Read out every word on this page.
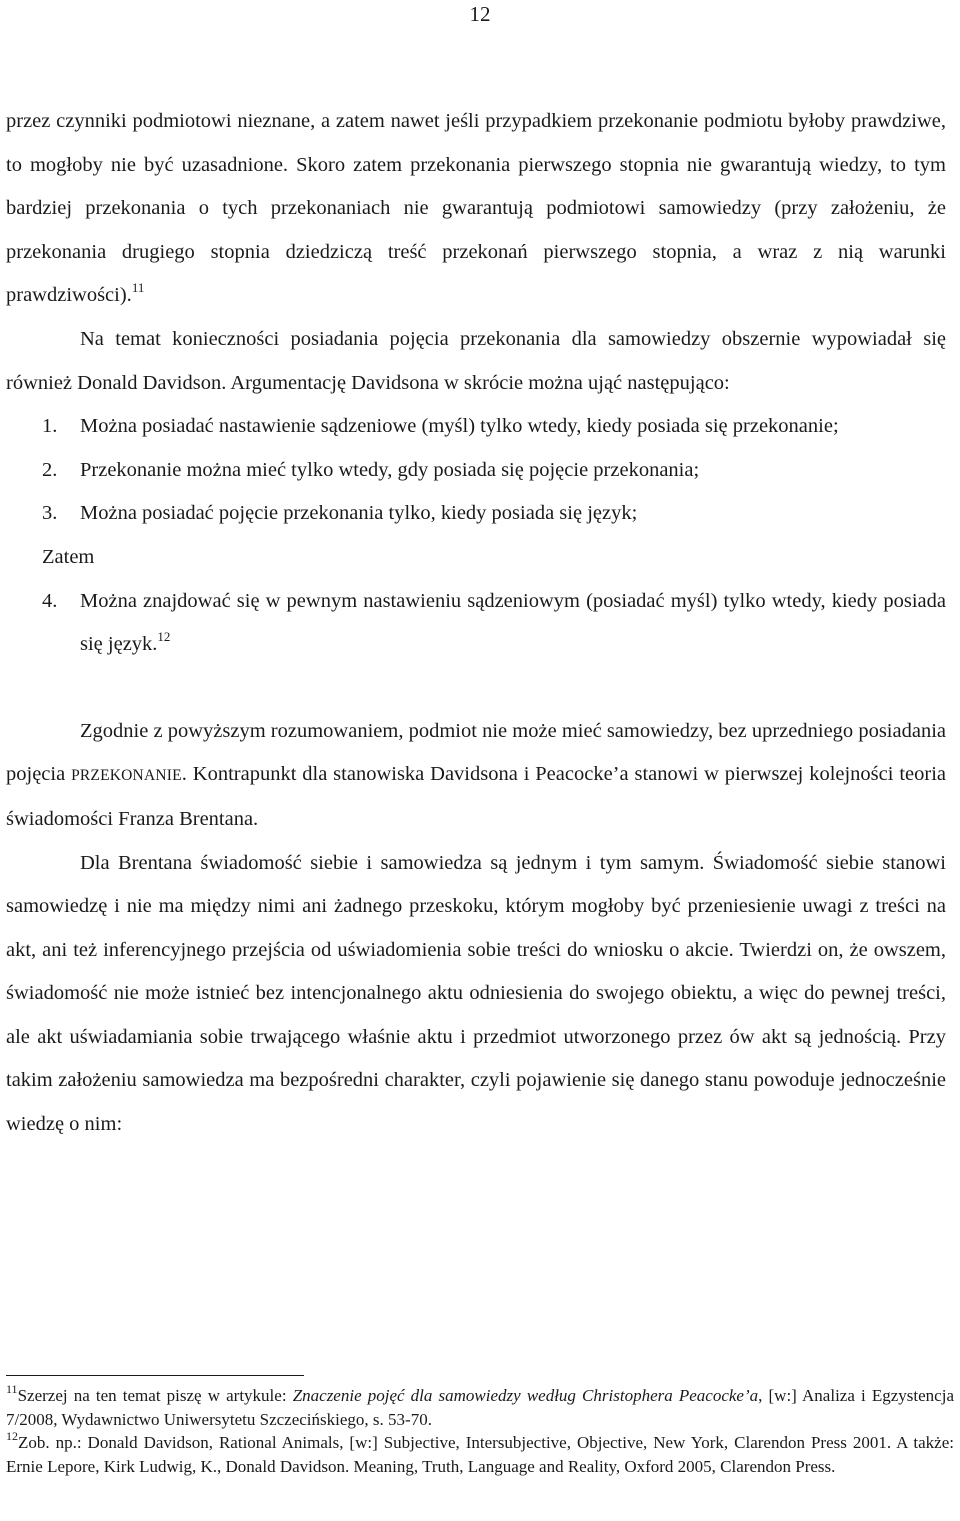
12

przez czynniki podmiotowi nieznane, a zatem nawet jeśli przypadkiem przekonanie podmiotu byłoby prawdziwe, to mogłoby nie być uzasadnione. Skoro zatem przekonania pierwszego stopnia nie gwarantują wiedzy, to tym bardziej przekonania o tych przekonaniach nie gwarantują podmiotowi samowiedzy (przy założeniu, że przekonania drugiego stopnia dziedziczą treść przekonań pierwszego stopnia, a wraz z nią warunki prawdziwości).$^{11}$

Na temat konieczności posiadania pojęcia przekonania dla samowiedzy obszernie wypowiadał się również Donald Davidson. Argumentację Davidsona w skrócie można ująć następująco:

1.	Można posiadać nastawienie sądzeniowe (myśl) tylko wtedy, kiedy posiada się przekonanie;
2.	Przekonanie można mieć tylko wtedy, gdy posiada się pojęcie przekonania;
3.	Można posiadać pojęcie przekonania tylko, kiedy posiada się język;
Zatem
4.	Można znajdować się w pewnym nastawieniu sądzeniowym (posiadać myśl) tylko wtedy, kiedy posiada się język.$^{12}$

Zgodnie z powyższym rozumowaniem, podmiot nie może mieć samowiedzy, bez uprzedniego posiadania pojęcia PRZEKONANIE. Kontrapunkt dla stanowiska Davidsona i Peacocke’a stanowi w pierwszej kolejności teoria świadomości Franza Brentana.

Dla Brentana świadomość siebie i samowiedza są jednym i tym samym. Świadomość siebie stanowi samowiedzę i nie ma między nimi ani żadnego przeskoku, którym mogłoby być przeniesienie uwagi z treści na akt, ani też inferencyjnego przejścia od uświadomienia sobie treści do wniosku o akcie. Twierdzi on, że owszem, świadomość nie może istnieć bez intencjonalnego aktu odniesienia do swojego obiektu, a więc do pewnej treści, ale akt uświadamiania sobie trwającego właśnie aktu i przedmiot utworzonego przez ów akt są jednością. Przy takim założeniu samowiedza ma bezpośredni charakter, czyli pojawienie się danego stanu powoduje jednocześnie wiedzę o nim:

$^{11}$Szerzej na ten temat piszę w artykule: Znaczenie pojęć dla samowiedzy według Christophera Peacocke’a, [w:] Analiza i Egzystencja 7/2008, Wydawnictwo Uniwersytetu Szczecińskiego, s. 53-70.

$^{12}$Zob. np.: Donald Davidson, Rational Animals, [w:] Subjective, Intersubjective, Objective, New York, Clarendon Press 2001. A także: Ernie Lepore, Kirk Ludwig, K., Donald Davidson. Meaning, Truth, Language and Reality, Oxford 2005, Clarendon Press.
